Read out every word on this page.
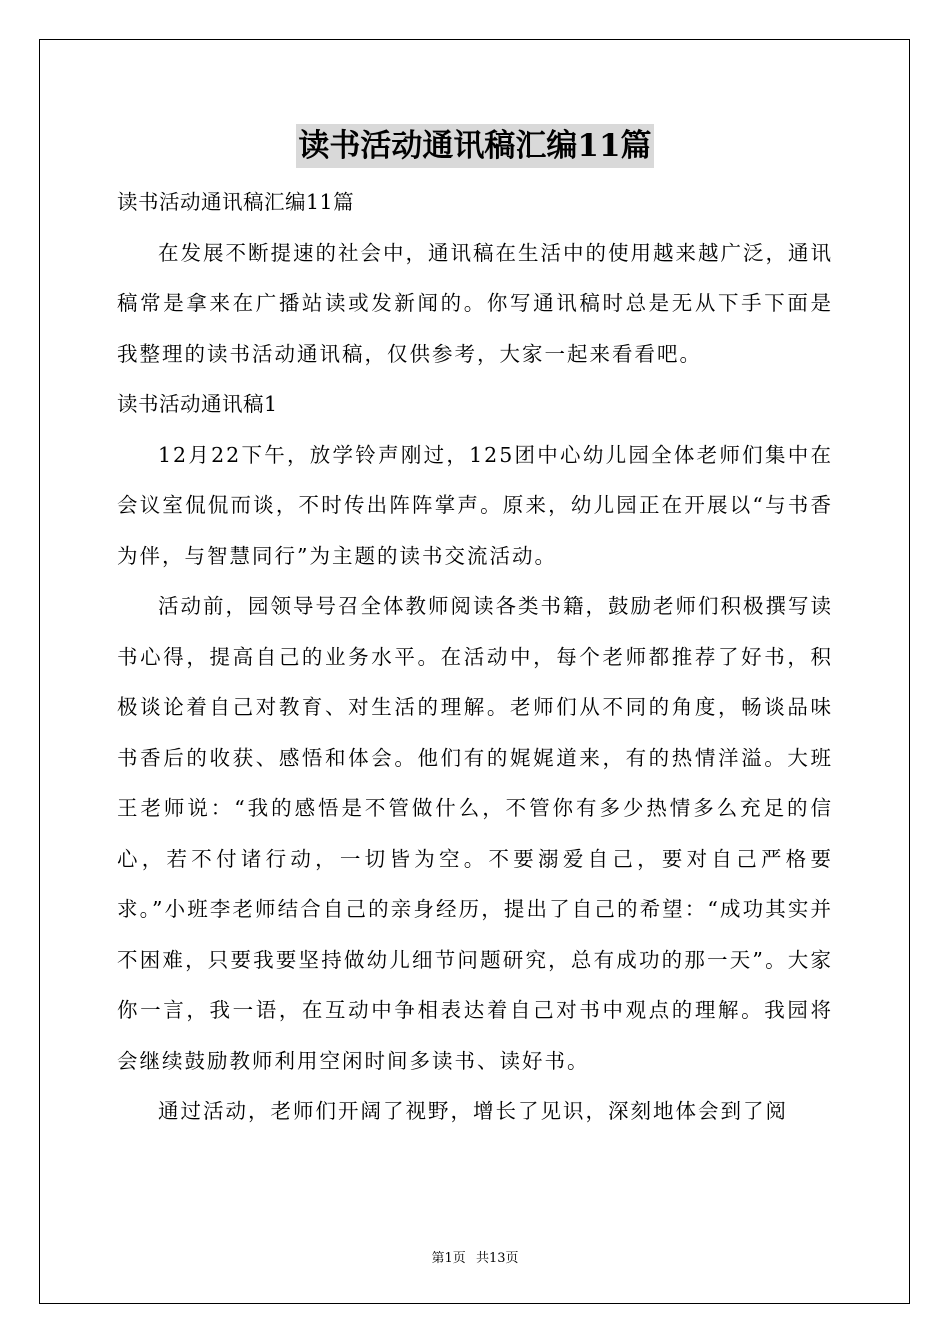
读书活动通讯稿汇编11篇

读书活动通讯稿汇编11篇

在发展不断提速的社会中，通讯稿在生活中的使用越来越广泛，通讯稿常是拿来在广播站读或发新闻的。你写通讯稿时总是无从下手下面是我整理的读书活动通讯稿，仅供参考，大家一起来看看吧。

读书活动通讯稿1

12月22下午，放学铃声刚过，125团中心幼儿园全体老师们集中在会议室侃侃而谈，不时传出阵阵掌声。原来，幼儿园正在开展以“与书香为伴，与智慧同行”为主题的读书交流活动。

活动前，园领导号召全体教师阅读各类书籍，鼓励老师们积极撰写读书心得，提高自己的业务水平。在活动中，每个老师都推荐了好书，积极谈论着自己对教育、对生活的理解。老师们从不同的角度，畅谈品味书香后的收获、感悟和体会。他们有的娓娓道来，有的热情洋溢。大班王老师说：“我的感悟是不管做什么，不管你有多少热情多么充足的信心，若不付诸行动，一切皆为空。不要溺爱自己，要对自己严格要求。”小班李老师结合自己的亲身经历，提出了自己的希望：“成功其实并不困难，只要我要坚持做幼儿细节问题研究，总有成功的那一天”。大家你一言，我一语，在互动中争相表达着自己对书中观点的理解。我园将会继续鼓励教师利用空闲时间多读书、读好书。

通过活动，老师们开阔了视野，增长了见识，深刻地体会到了阅

第1页 共13页
